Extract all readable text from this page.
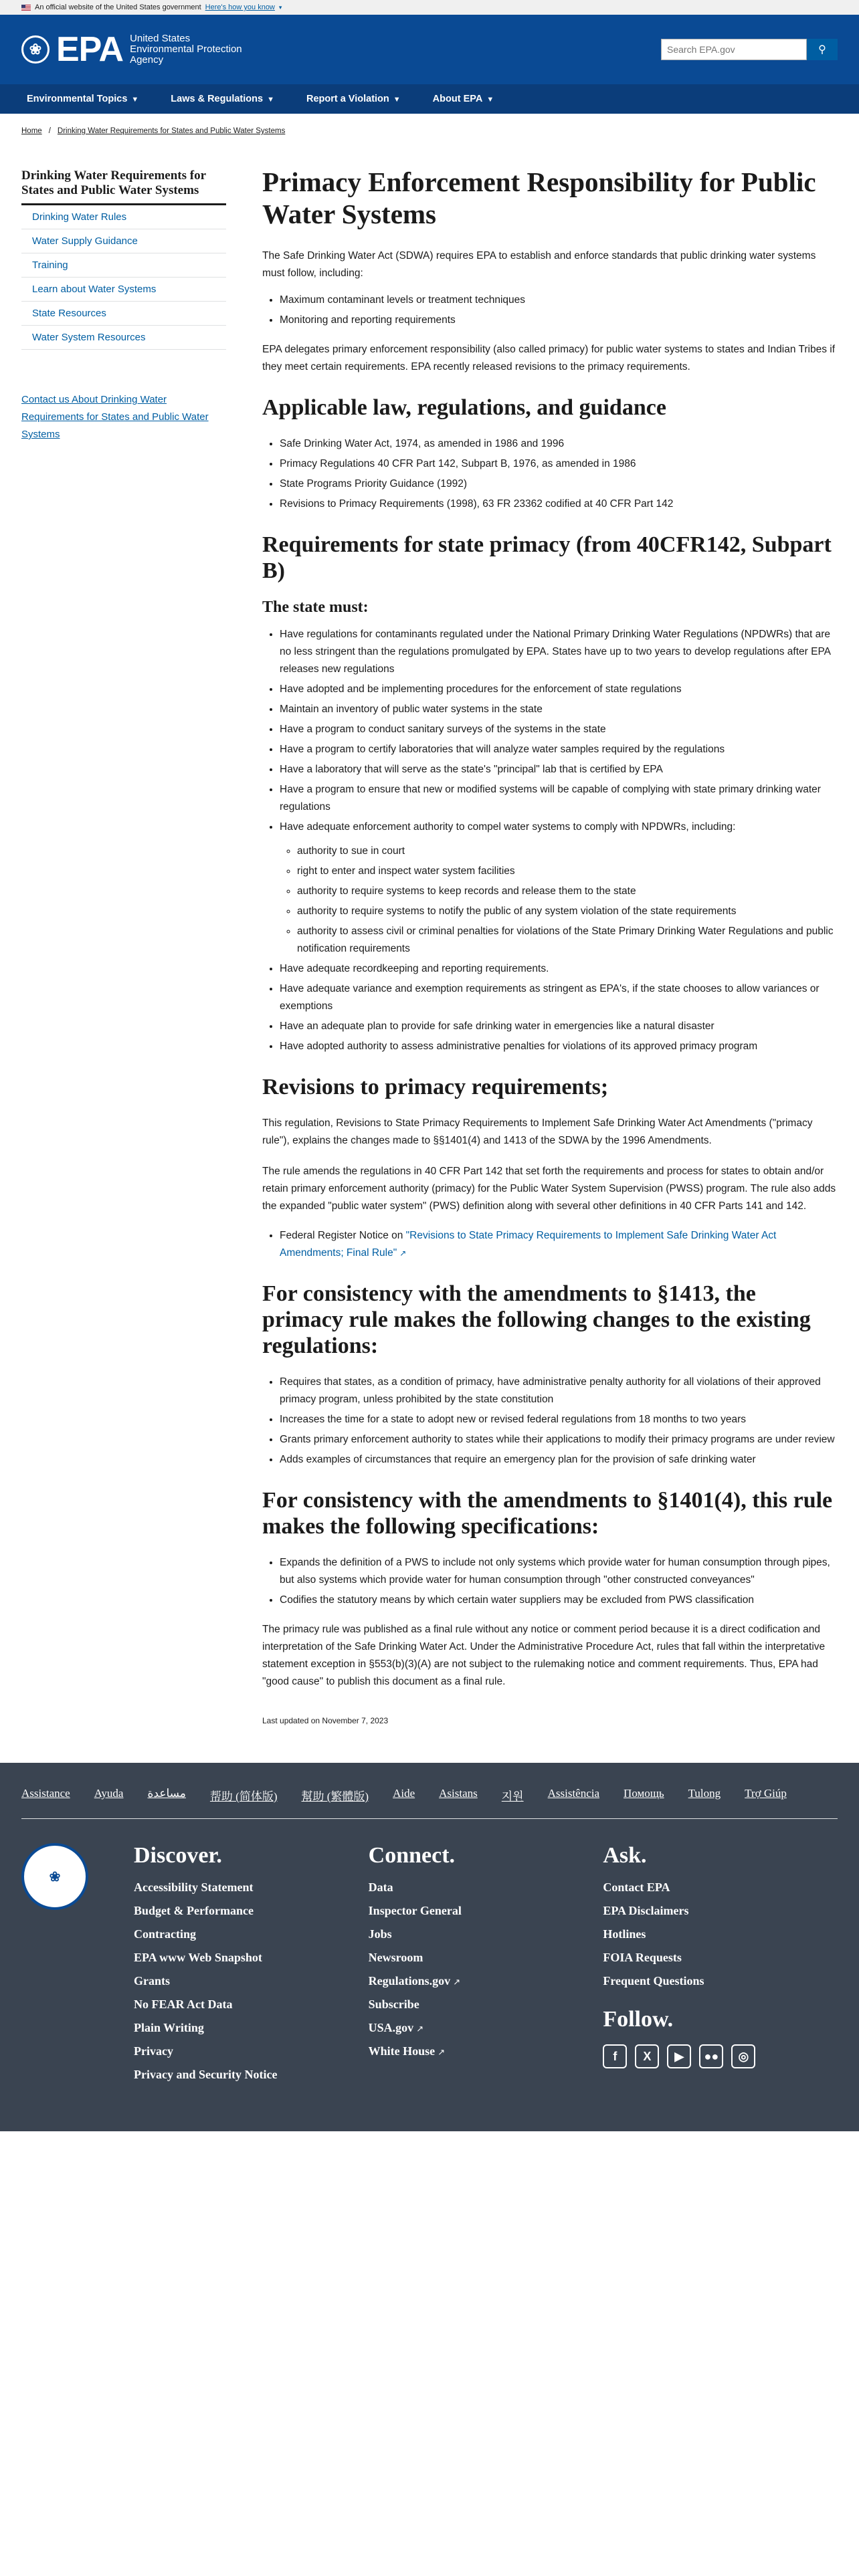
An official website of the United States government Here's how you know ▾
❀ EPA United States Environmental Protection Agency
Search EPA.gov
⚲
Environmental Topics ▼	Laws & Regulations ▼	Report a Violation ▼	About EPA ▼
Home / Drinking Water Requirements for States and Public Water Systems
Drinking Water Requirements for States and Public Water Systems
Drinking Water Rules
Water Supply Guidance
Training
Learn about Water Systems
State Resources
Water System Resources
Contact us About Drinking Water Requirements for States and Public Water Systems
Primacy Enforcement Responsibility for Public Water Systems

The Safe Drinking Water Act (SDWA) requires EPA to establish and enforce standards that public drinking water systems must follow, including:

• Maximum contaminant levels or treatment techniques
• Monitoring and reporting requirements

EPA delegates primary enforcement responsibility (also called primacy) for public water systems to states and Indian Tribes if they meet certain requirements. EPA recently released revisions to the primacy requirements.

Applicable law, regulations, and guidance
• Safe Drinking Water Act, 1974, as amended in 1986 and 1996
• Primacy Regulations 40 CFR Part 142, Subpart B, 1976, as amended in 1986
• State Programs Priority Guidance (1992)
• Revisions to Primacy Requirements (1998), 63 FR 23362 codified at 40 CFR Part 142
Requirements for state primacy (from 40CFR142, Subpart B)
The state must:
• Have regulations for contaminants regulated under the National Primary Drinking Water Regulations (NPDWRs) that are no less stringent than the regulations promulgated by EPA. States have up to two years to develop regulations after EPA releases new regulations
• Have adopted and be implementing procedures for the enforcement of state regulations
• Maintain an inventory of public water systems in the state
• Have a program to conduct sanitary surveys of the systems in the state
• Have a program to certify laboratories that will analyze water samples required by the regulations
• Have a laboratory that will serve as the state's "principal" lab that is certified by EPA
• Have a program to ensure that new or modified systems will be capable of complying with state primary drinking water regulations
• Have adequate enforcement authority to compel water systems to comply with NPDWRs, including:
◦ authority to sue in court
◦ right to enter and inspect water system facilities
◦ authority to require systems to keep records and release them to the state
◦ authority to require systems to notify the public of any system violation of the state requirements
◦ authority to assess civil or criminal penalties for violations of the State Primary Drinking Water Regulations and public notification requirements
• Have adequate recordkeeping and reporting requirements.
• Have adequate variance and exemption requirements as stringent as EPA's, if the state chooses to allow variances or exemptions
• Have an adequate plan to provide for safe drinking water in emergencies like a natural disaster
• Have adopted authority to assess administrative penalties for violations of its approved primacy program
Revisions to primacy requirements;

This regulation, Revisions to State Primacy Requirements to Implement Safe Drinking Water Act Amendments ("primacy rule"), explains the changes made to §§1401(4) and 1413 of the SDWA by the 1996 Amendments.

The rule amends the regulations in 40 CFR Part 142 that set forth the requirements and process for states to obtain and/or retain primary enforcement authority (primacy) for the Public Water System Supervision (PWSS) program. The rule also adds the expanded "public water system" (PWS) definition along with several other definitions in 40 CFR Parts 141 and 142.

• Federal Register Notice on "Revisions to State Primacy Requirements to Implement Safe Drinking Water Act Amendments; Final Rule" ↗
For consistency with the amendments to §1413, the primacy rule makes the following changes to the existing regulations:
• Requires that states, as a condition of primacy, have administrative penalty authority for all violations of their approved primacy program, unless prohibited by the state constitution
• Increases the time for a state to adopt new or revised federal regulations from 18 months to two years
• Grants primary enforcement authority to states while their applications to modify their primacy programs are under review
• Adds examples of circumstances that require an emergency plan for the provision of safe drinking water
For consistency with the amendments to §1401(4), this rule makes the following specifications:
• Expands the definition of a PWS to include not only systems which provide water for human consumption through pipes, but also systems which provide water for human consumption through "other constructed conveyances"
• Codifies the statutory means by which certain water suppliers may be excluded from PWS classification

The primacy rule was published as a final rule without any notice or comment period because it is a direct codification and interpretation of the Safe Drinking Water Act. Under the Administrative Procedure Act, rules that fall within the interpretative statement exception in §553(b)(3)(A) are not subject to the rulemaking notice and comment requirements. Thus, EPA had "good cause" to publish this document as a final rule.

Last updated on November 7, 2023
Assistance Ayuda مساعدة 帮助 (简体版) 幫助 (繁體版) Aide Asistans 지원 Assistência Помощь Tulong Trợ Giúp
❀
Discover.
Accessibility Statement
Budget & Performance
Contracting
EPA www Web Snapshot
Grants
No FEAR Act Data
Plain Writing
Privacy
Privacy and Security Notice
Connect.
Data
Inspector General
Jobs
Newsroom
Regulations.gov ↗
Subscribe
USA.gov ↗
White House ↗
Ask.
Contact EPA
EPA Disclaimers
Hotlines
FOIA Requests
Frequent Questions
Follow.
f	X	▶	●●	◎
